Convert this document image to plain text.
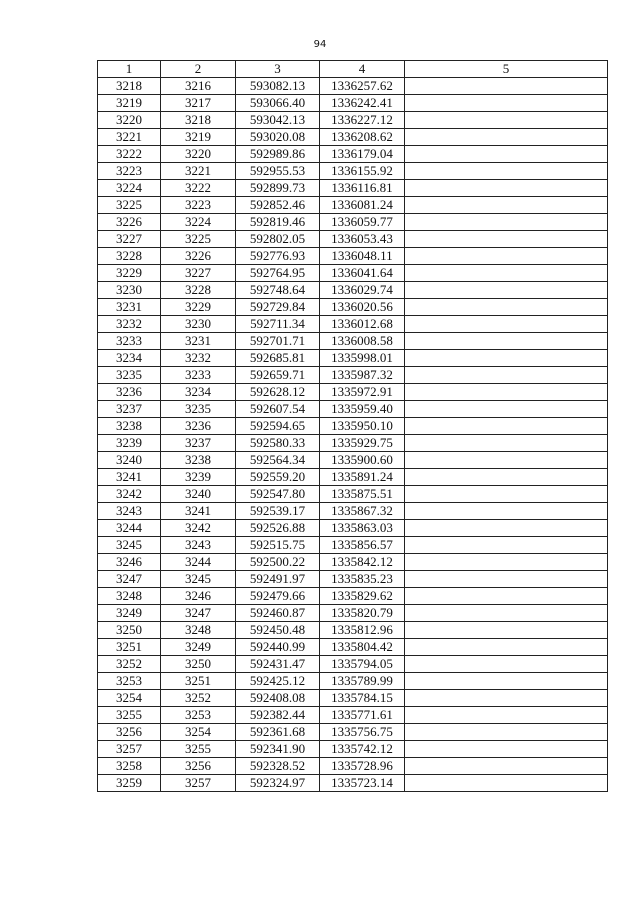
94
1	2	3	4	5
3218	3216	593082.13	1336257.62	
3219	3217	593066.40	1336242.41	
3220	3218	593042.13	1336227.12	
3221	3219	593020.08	1336208.62	
3222	3220	592989.86	1336179.04	
3223	3221	592955.53	1336155.92	
3224	3222	592899.73	1336116.81	
3225	3223	592852.46	1336081.24	
3226	3224	592819.46	1336059.77	
3227	3225	592802.05	1336053.43	
3228	3226	592776.93	1336048.11	
3229	3227	592764.95	1336041.64	
3230	3228	592748.64	1336029.74	
3231	3229	592729.84	1336020.56	
3232	3230	592711.34	1336012.68	
3233	3231	592701.71	1336008.58	
3234	3232	592685.81	1335998.01	
3235	3233	592659.71	1335987.32	
3236	3234	592628.12	1335972.91	
3237	3235	592607.54	1335959.40	
3238	3236	592594.65	1335950.10	
3239	3237	592580.33	1335929.75	
3240	3238	592564.34	1335900.60	
3241	3239	592559.20	1335891.24	
3242	3240	592547.80	1335875.51	
3243	3241	592539.17	1335867.32	
3244	3242	592526.88	1335863.03	
3245	3243	592515.75	1335856.57	
3246	3244	592500.22	1335842.12	
3247	3245	592491.97	1335835.23	
3248	3246	592479.66	1335829.62	
3249	3247	592460.87	1335820.79	
3250	3248	592450.48	1335812.96	
3251	3249	592440.99	1335804.42	
3252	3250	592431.47	1335794.05	
3253	3251	592425.12	1335789.99	
3254	3252	592408.08	1335784.15	
3255	3253	592382.44	1335771.61	
3256	3254	592361.68	1335756.75	
3257	3255	592341.90	1335742.12	
3258	3256	592328.52	1335728.96	
3259	3257	592324.97	1335723.14	
